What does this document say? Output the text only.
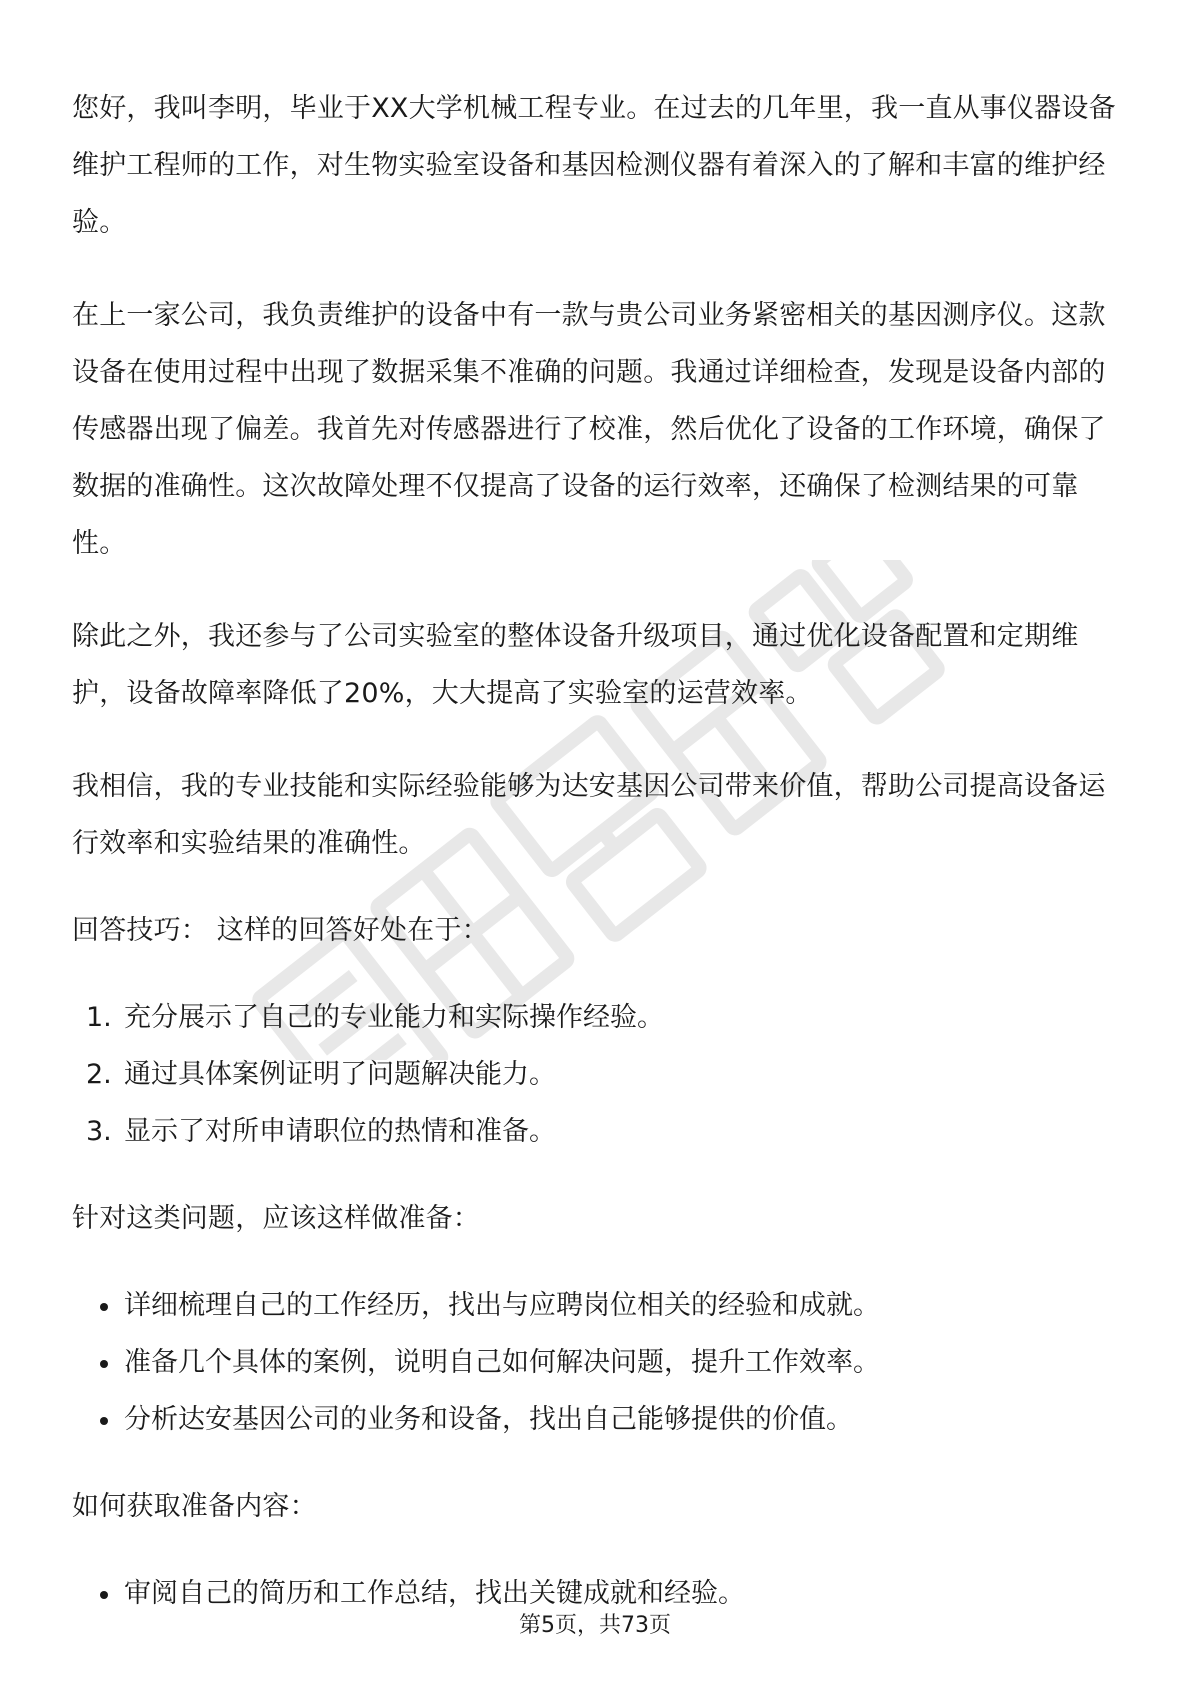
您好，我叫李明，毕业于XX大学机械工程专业。在过去的几年里，我一直从事仪器设备维护工程师的工作，对生物实验室设备和基因检测仪器有着深入的了解和丰富的维护经验。

在上一家公司，我负责维护的设备中有一款与贵公司业务紧密相关的基因测序仪。这款设备在使用过程中出现了数据采集不准确的问题。我通过详细检查，发现是设备内部的传感器出现了偏差。我首先对传感器进行了校准，然后优化了设备的工作环境，确保了数据的准确性。这次故障处理不仅提高了设备的运行效率，还确保了检测结果的可靠性。

除此之外，我还参与了公司实验室的整体设备升级项目，通过优化设备配置和定期维护，设备故障率降低了20%，大大提高了实验室的运营效率。

我相信，我的专业技能和实际经验能够为达安基因公司带来价值，帮助公司提高设备运行效率和实验结果的准确性。

回答技巧： 这样的回答好处在于：

1. 充分展示了自己的专业能力和实际操作经验。
2. 通过具体案例证明了问题解决能力。
3. 显示了对所申请职位的热情和准备。

针对这类问题，应该这样做准备：

详细梳理自己的工作经历，找出与应聘岗位相关的经验和成就。
准备几个具体的案例，说明自己如何解决问题，提升工作效率。
分析达安基因公司的业务和设备，找出自己能够提供的价值。

如何获取准备内容：

审阅自己的简历和工作总结，找出关键成就和经验。
第5页，共73页
